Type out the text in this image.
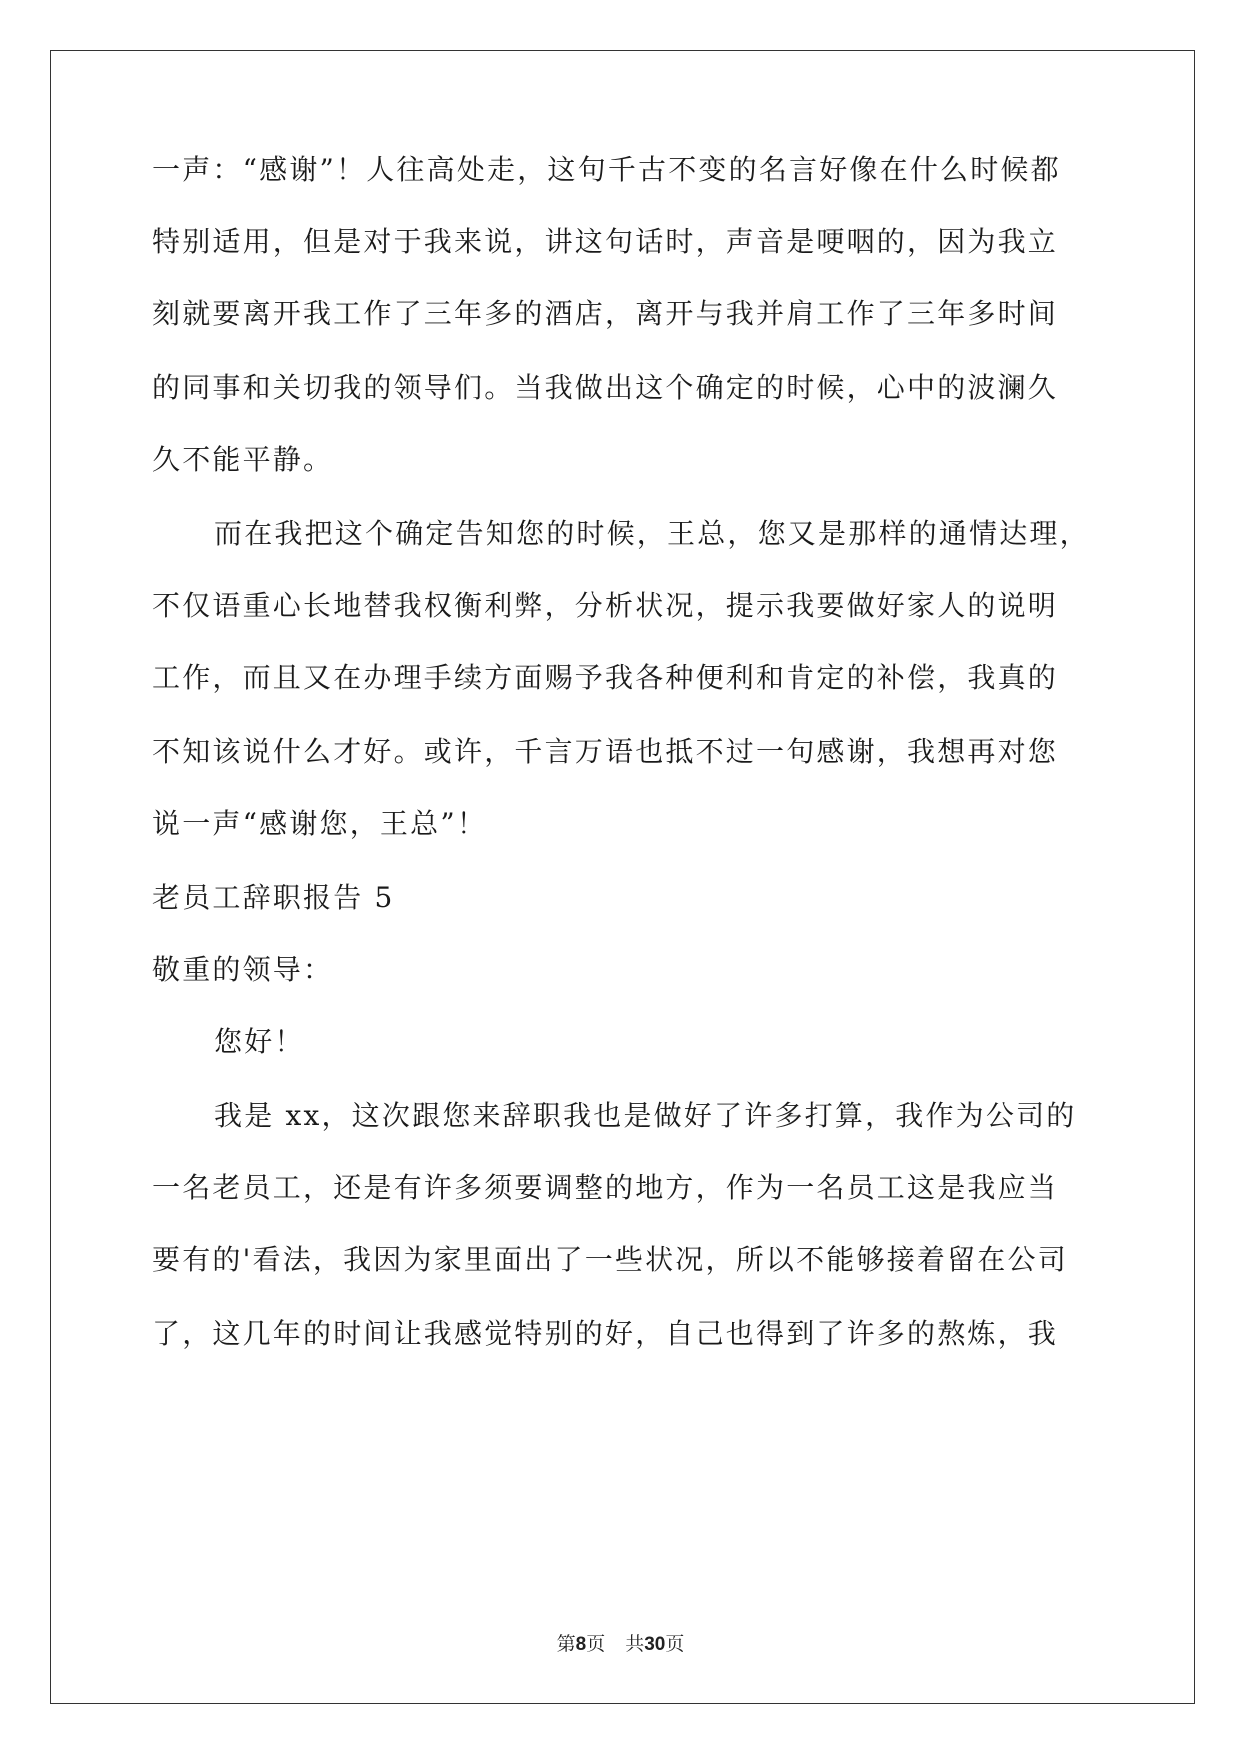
一声：“感谢”！人往高处走，这句千古不变的名言好像在什么时候都
特别适用，但是对于我来说，讲这句话时，声音是哽咽的，因为我立
刻就要离开我工作了三年多的酒店，离开与我并肩工作了三年多时间
的同事和关切我的领导们。当我做出这个确定的时候，心中的波澜久
久不能平静。
而在我把这个确定告知您的时候，王总，您又是那样的通情达理，
不仅语重心长地替我权衡利弊，分析状况，提示我要做好家人的说明
工作，而且又在办理手续方面赐予我各种便利和肯定的补偿，我真的
不知该说什么才好。或许，千言万语也抵不过一句感谢，我想再对您
说一声“感谢您，王总”！
老员工辞职报告 5
敬重的领导：
您好！
我是 xx，这次跟您来辞职我也是做好了许多打算，我作为公司的
一名老员工，还是有许多须要调整的地方，作为一名员工这是我应当
要有的'看法，我因为家里面出了一些状况，所以不能够接着留在公司
了，这几年的时间让我感觉特别的好，自己也得到了许多的熬炼，我
第8页 共30页
